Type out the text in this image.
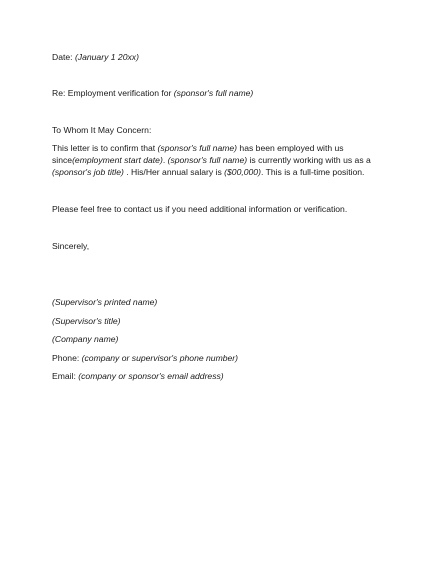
Date: (January 1 20xx)
Re: Employment verification for (sponsor's full name)
To Whom It May Concern:
This letter is to confirm that (sponsor's full name) has been employed with us
since(employment start date). (sponsor's full name) is currently working with us as a
(sponsor's job title) . His/Her annual salary is ($00,000). This is a full-time position.
Please feel free to contact us if you need additional information or verification.
Sincerely,
(Supervisor's printed name)
(Supervisor's title)
(Company name)
Phone: (company or supervisor's phone number)
Email: (company or sponsor's email address)
